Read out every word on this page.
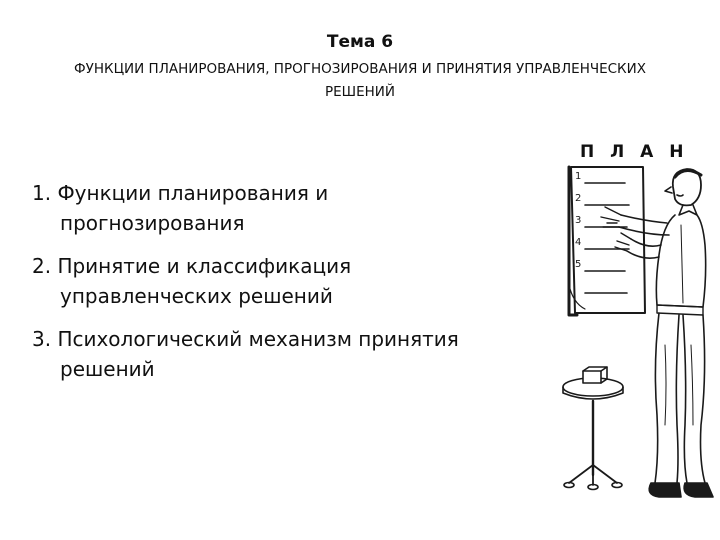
Тема 6
ФУНКЦИИ ПЛАНИРОВАНИЯ, ПРОГНОЗИРОВАНИЯ И ПРИНЯТИЯ УПРАВЛЕНЧЕСКИХ РЕШЕНИЙ
1. Функции планирования и прогнозирования
2. Принятие и классификация управленческих решений
3. Психологический механизм принятия решений
П Л А Н
1
2
3
4
5
